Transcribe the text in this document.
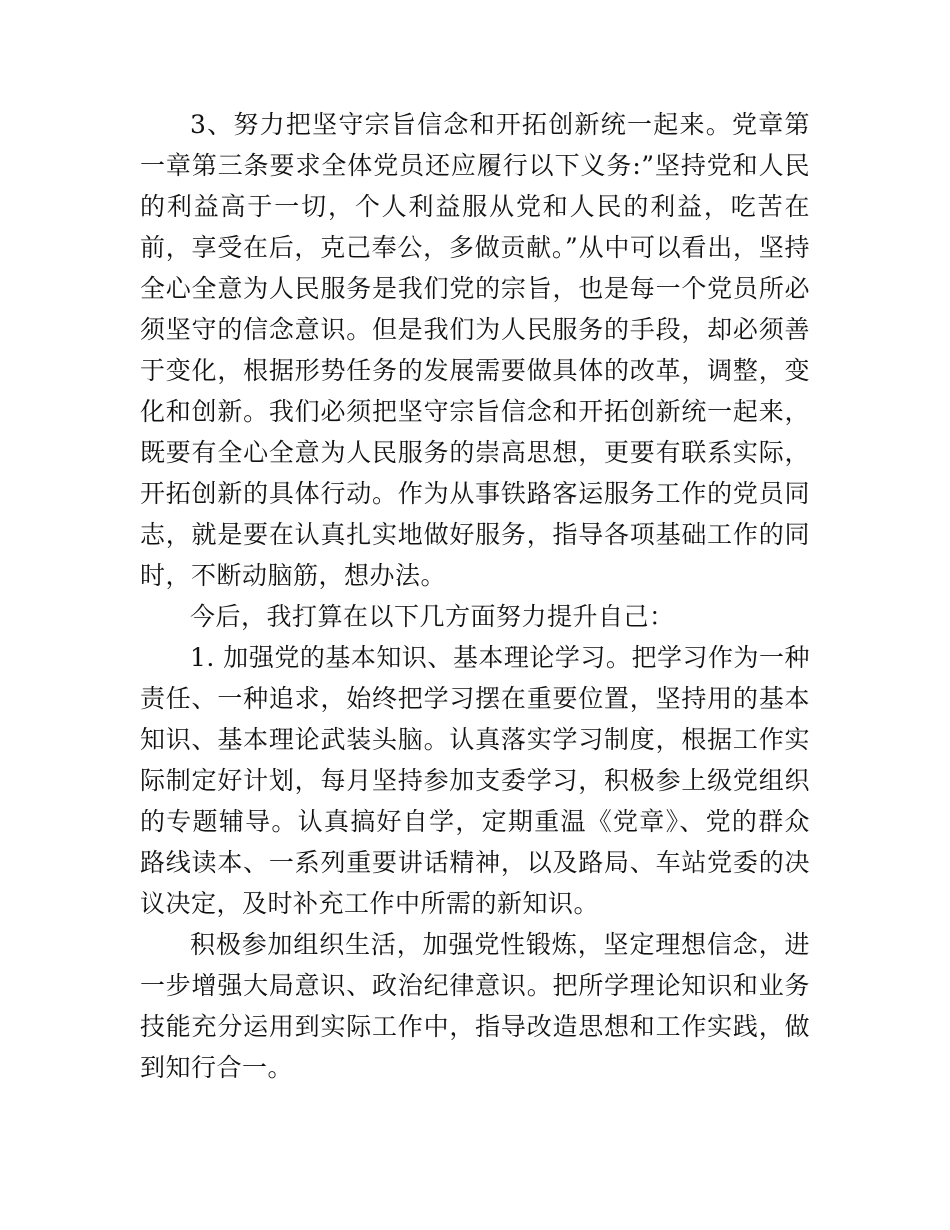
3、努力把坚守宗旨信念和开拓创新统一起来。党章第一章第三条要求全体党员还应履行以下义务:”坚持党和人民的利益高于一切，个人利益服从党和人民的利益，吃苦在前，享受在后，克己奉公，多做贡献。”从中可以看出，坚持全心全意为人民服务是我们党的宗旨，也是每一个党员所必须坚守的信念意识。但是我们为人民服务的手段，却必须善于变化，根据形势任务的发展需要做具体的改革，调整，变化和创新。我们必须把坚守宗旨信念和开拓创新统一起来，既要有全心全意为人民服务的崇高思想，更要有联系实际，开拓创新的具体行动。作为从事铁路客运服务工作的党员同志，就是要在认真扎实地做好服务，指导各项基础工作的同时，不断动脑筋，想办法。

今后，我打算在以下几方面努力提升自己：

1. 加强党的基本知识、基本理论学习。把学习作为一种责任、一种追求，始终把学习摆在重要位置，坚持用的基本知识、基本理论武装头脑。认真落实学习制度，根据工作实际制定好计划，每月坚持参加支委学习，积极参上级党组织的专题辅导。认真搞好自学，定期重温《党章》、党的群众路线读本、一系列重要讲话精神，以及路局、车站党委的决议决定，及时补充工作中所需的新知识。

积极参加组织生活，加强党性锻炼，坚定理想信念，进一步增强大局意识、政治纪律意识。把所学理论知识和业务技能充分运用到实际工作中，指导改造思想和工作实践，做到知行合一。
